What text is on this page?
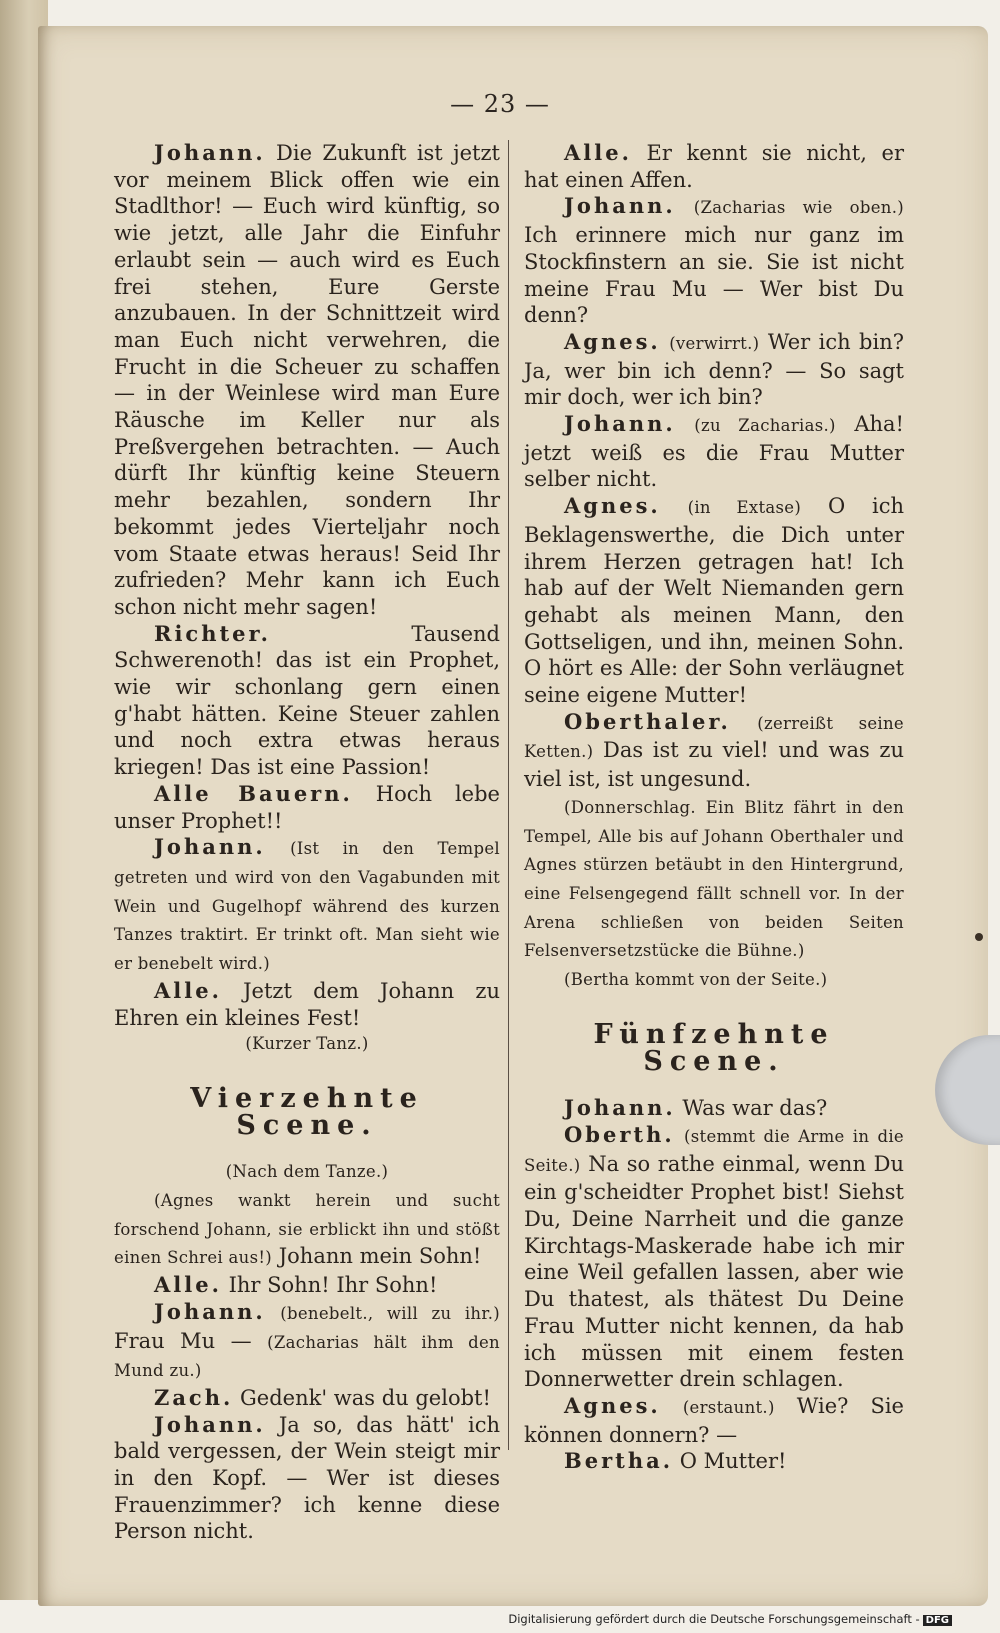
— 23 —

Johann. Die Zukunft ist jetzt vor meinem Blick offen wie ein Stadlthor! — Euch wird künftig, so wie jetzt, alle Jahr die Einfuhr erlaubt sein — auch wird es Euch frei stehen, Eure Gerste anzubauen. In der Schnittzeit wird man Euch nicht verwehren, die Frucht in die Scheuer zu schaffen — in der Weinlese wird man Eure Räusche im Keller nur als Preßvergehen betrachten. — Auch dürft Ihr künftig keine Steuern mehr bezahlen, sondern Ihr bekommt jedes Vierteljahr noch vom Staate etwas heraus! Seid Ihr zufrieden? Mehr kann ich Euch schon nicht mehr sagen!

Richter.	Tausend Schwerenoth! das ist ein Prophet, wie wir schonlang gern einen g'habt hätten. Keine Steuer zahlen und noch extra etwas heraus kriegen! Das ist eine Passion!

Alle Bauern. Hoch lebe unser Prophet!!

Johann. (Ist in den Tempel getreten und wird von den Vagabunden mit Wein und Gugelhopf während des kurzen Tanzes traktirt. Er trinkt oft. Man sieht wie er benebelt wird.)

Alle. Jetzt dem Johann zu Ehren ein kleines Fest!

(Kurzer Tanz.)

Vierzehnte Scene.

(Nach dem Tanze.)

(Agnes wankt herein und sucht forschend Johann, sie erblickt ihn und stößt einen Schrei aus!) Johann mein Sohn!

Alle. Ihr Sohn! Ihr Sohn!

Johann. (benebelt., will zu ihr.) Frau Mu — (Zacharias hält ihm den Mund zu.)

Zach. Gedenk' was du gelobt!

Johann. Ja so, das hätt' ich bald vergessen, der Wein steigt mir in den Kopf. — Wer ist dieses Frauenzimmer? ich kenne diese Person nicht.

Alle. Er kennt sie nicht, er hat einen Affen.

Johann. (Zacharias wie oben.) Ich erinnere mich nur ganz im Stockfinstern an sie. Sie ist nicht meine Frau Mu — Wer bist Du denn?

Agnes. (verwirrt.) Wer ich bin? Ja, wer bin ich denn? — So sagt mir doch, wer ich bin?

Johann. (zu Zacharias.) Aha! jetzt weiß es die Frau Mutter selber nicht.

Agnes. (in Extase) O ich Beklagenswerthe, die Dich unter ihrem Herzen getragen hat! Ich hab auf der Welt Niemanden gern gehabt als meinen Mann, den Gottseligen, und ihn, meinen Sohn. O hört es Alle: der Sohn verläugnet seine eigene Mutter!

Oberthaler. (zerreißt seine Ketten.) Das ist zu viel! und was zu viel ist, ist ungesund.

(Donnerschlag. Ein Blitz fährt in den Tempel, Alle bis auf Johann Oberthaler und Agnes stürzen betäubt in den Hintergrund, eine Felsengegend fällt schnell vor. In der Arena schließen von beiden Seiten Felsenversetzstücke die Bühne.)

(Bertha kommt von der Seite.)

Fünfzehnte Scene.

Johann. Was war das?

Oberth. (stemmt die Arme in die Seite.) Na so rathe einmal, wenn Du ein g'scheidter Prophet bist! Siehst Du, Deine Narrheit und die ganze Kirchtags-Maskerade habe ich mir eine Weil gefallen lassen, aber wie Du thatest, als thätest Du Deine Frau Mutter nicht kennen, da hab ich müssen mit einem festen Donnerwetter drein schlagen.

Agnes. (erstaunt.) Wie? Sie können donnern? —

Bertha. O Mutter!

Digitalisierung gefördert durch die Deutsche Forschungsgemeinschaft - DFG
